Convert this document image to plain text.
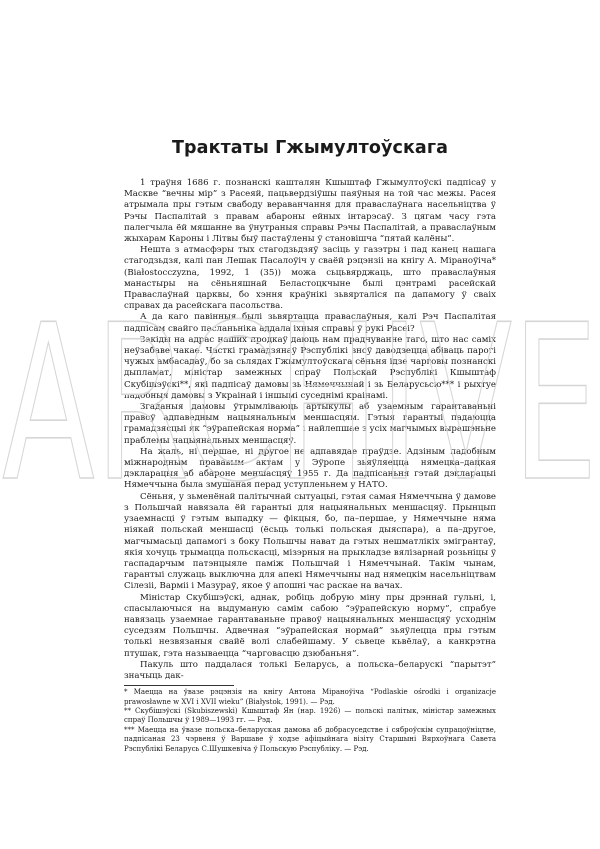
Трактаты Гжымултоўскага

1 траўня 1686 г. познанскі кашталян Кшыштаф Гжымултоўскі падпісаў у Маскве “вечны мір” з Расеяй, пацьвердзіўшы паяўныя на той час межы. Расея атрымала пры гэтым свабоду вераванчання для праваслаўнага насельніцтва ў Рэчы Паспалітай з правам абароны ейных інтарэсаў. З цягам часу гэта палегчыла ёй мяшанне ва ўнутраныя справы Рэчы Паспалітай, а праваслаўным жыхарам Кароны і Літвы быў пастаўлены ў становішча “пятай калёны”.

Нешта з атмасфэры тых стагодзьдзяў засіць у газэтры і пад канец нашага стагодзьдзя, калі пан Лешак Пасалоўіч у сваёй рэцэнзіі на кнігу А. Міраноўіча* (Białostocczyzna, 1992, 1 (35)) можа сьцьвярджаць, што праваслаўныя манастыры на сёньняшнай Беластоцкчыне былі цэнтрамі расейскай Праваслаўнай царквы, бо хэння краўнікі зьвярталіся па дапамогу ў сваіх справах да расейскага пасольства.

А да каго павінныя былі зьвяртацца праваслаўныя, калі Рэч Паспалітая падпісам свайго пасланьніка аддала іхныя справы ў рукі Расеі?

Закіды на адрас наших продкаў даюць нам прадчуванне таго, што нас саміх неўзабаве чакае. Часткі грамадзянаў Рэспублікі зноў даводзецца абіваць парогі чужых амбасадаў, бо за сьлядах Гжымултоўскага сёньня ідзе чарговы познанскі дыпламат, міністар замежных спраў Польскай Рэспублікі Кшыштаф Скубішэўскі**, які падпісаў дамовы зь Нямеччынай і зь Беларусьсю*** і рыхтуе падобныя дамовы з Украінай і іншымі суседнімі краінамі.

Згаданыя дамовы ўтрымліваюць артыкулы аб узаемным гарантаваньні правоў адпаведным нацыянальным меншасцям. Гэтыя гарантыі падаюцца грамадзясцыі як “эўрапейская норма” і найлепшае з усіх магчымых вырашэньне праблемы нацыянальных меншасцяў.

На жаль, ні першае, ні другое не адпавядае праўдзе. Адзіным падобным міжнародным прававым актам у Эўропе зьяўляецца нямецка–дацкая дэкларацыя аб абароне меншасцяў 1955 г. Да падпісаньня гэтай дэкларацыі Нямеччына была змушаная перад уступленьнем у НАТО.

Сёньня, у зьменёнай палітычнай сытуацыі, гэтая самая Нямеччына ў дамове з Польшчай навязала ёй гарантыі для нацыянальных меншасцяў. Прынцып узаемнасці ў гэтым выпадку — фікцыя, бо, па–першае, у Нямеччыне няма ніякай польскай меншасці (ёсьць толькі польская дыяспара), а па–другое, магчымасьці дапамогі з боку Польшчы нават да гэтых нешматлікіх эмігрантаў, якія хочуць трымацца польскасці, мізэрныя на прыкладзе вялізарнай розьніцы ў гаспадарчым патэнцыяле паміж Польшчай і Нямеччынай. Такім чынам, гарантыі служаць выключна для апекі Нямеччыны над нямецкім насельніцтвам Сілезіі, Вармii і Мазураў, якое ў апошні час раскае на вачах.

Міністар Скубішэўскі, аднак, робіць добрую міну пры дрэннай гульні, і, спасылаючыся на выдуманую самім сабою “эўрапейскую норму”, спрабуе навязаць узаемнае гарантаваньне правоў нацыянальных меншасцяў усходнім суседзям Польшчы. Адвечная “эўрапейская нормай” зьяўлецца пры гэтым толькі незвязаныя свайё волі слабейшаму. У сьвеце кьвёлаў, а канкрэтна птушак, гэта называецца “чарговасцю дзюбаньня”.

Пакуль што паддалася толькі Беларусь, а польска–беларускі “парытэт” значыць дак-

* Маецца на ўвазе рэцэнзія на кнігу Антона Міраноўіча “Podlaskie ośrodki i organizacje prawosławne w XVI i XVII wieku” (Białystok, 1991). — Рэд.

** Скубішэўскі (Skubiszewski) Кшыштаф Ян (нар. 1926) — польскі палітык, міністар замежных спраў Польшчы ў 1989—1993 гг. — Рэд.

*** Маецца на ўвазе польска–беларуская дамова аб добрасуседстве і сяброўскім супрацоўніцтве, падпісаная 23 чэрвеня ў Варшаве ў ходзе афіцыйнага візіту Старшыні Вярхоўнага Савета Рэспублікі Беларусь С.Шушкевіча ў Польскую Рэспубліку. — Рэд.

ARCHIVE
